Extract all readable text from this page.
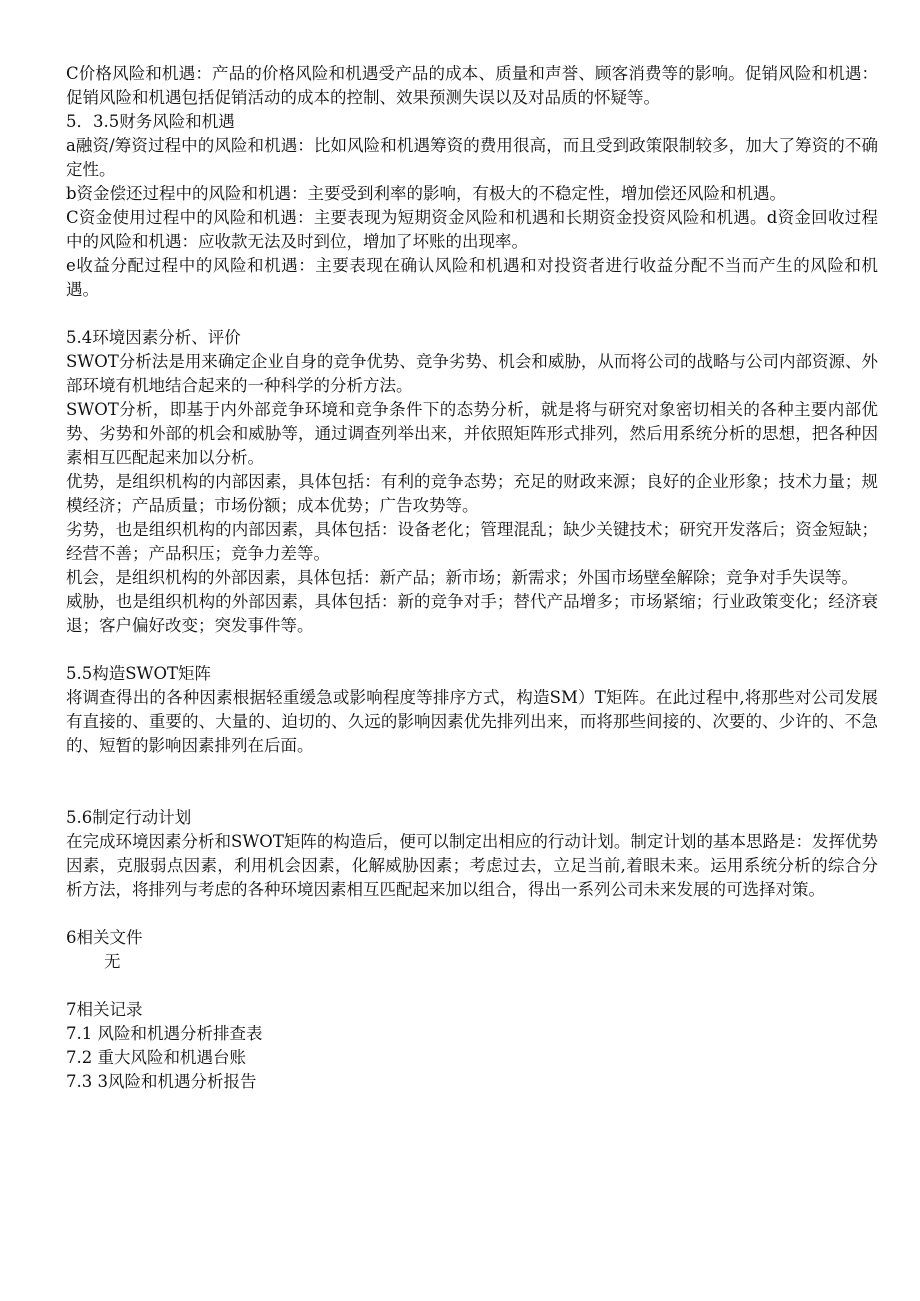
C价格风险和机遇：产品的价格风险和机遇受产品的成本、质量和声誉、顾客消费等的影响。促销风险和机遇：促销风险和机遇包括促销活动的成本的控制、效果预测失误以及对品质的怀疑等。

5．3.5财务风险和机遇

a融资/筹资过程中的风险和机遇：比如风险和机遇筹资的费用很高，而且受到政策限制较多，加大了筹资的不确定性。

b资金偿还过程中的风险和机遇：主要受到利率的影响，有极大的不稳定性，增加偿还风险和机遇。

C资金使用过程中的风险和机遇：主要表现为短期资金风险和机遇和长期资金投资风险和机遇。d资金回收过程中的风险和机遇：应收款无法及时到位，增加了坏账的出现率。

e收益分配过程中的风险和机遇：主要表现在确认风险和机遇和对投资者进行收益分配不当而产生的风险和机遇。

5.4环境因素分析、评价

SWOT分析法是用来确定企业自身的竞争优势、竞争劣势、机会和威胁，从而将公司的战略与公司内部资源、外部环境有机地结合起来的一种科学的分析方法。

SWOT分析，即基于内外部竞争环境和竞争条件下的态势分析，就是将与研究对象密切相关的各种主要内部优势、劣势和外部的机会和威胁等，通过调查列举出来，并依照矩阵形式排列，然后用系统分析的思想，把各种因素相互匹配起来加以分析。

优势，是组织机构的内部因素，具体包括：有利的竞争态势；充足的财政来源；良好的企业形象；技术力量；规模经济；产品质量；市场份额；成本优势；广告攻势等。

劣势，也是组织机构的内部因素，具体包括：设备老化；管理混乱；缺少关键技术；研究开发落后；资金短缺；经营不善；产品积压；竞争力差等。

机会，是组织机构的外部因素，具体包括：新产品；新市场；新需求；外国市场壁垒解除；竞争对手失误等。

威胁，也是组织机构的外部因素，具体包括：新的竞争对手；替代产品增多；市场紧缩；行业政策变化；经济衰退；客户偏好改变；突发事件等。

5.5构造SWOT矩阵

将调查得出的各种因素根据轻重缓急或影响程度等排序方式，构造SM）T矩阵。在此过程中,将那些对公司发展有直接的、重要的、大量的、迫切的、久远的影响因素优先排列出来，而将那些间接的、次要的、少许的、不急的、短暂的影响因素排列在后面。

5.6制定行动计划

在完成环境因素分析和SWOT矩阵的构造后，便可以制定出相应的行动计划。制定计划的基本思路是：发挥优势因素，克服弱点因素，利用机会因素，化解威胁因素；考虑过去，立足当前,着眼未来。运用系统分析的综合分析方法，将排列与考虑的各种环境因素相互匹配起来加以组合，得出一系列公司未来发展的可选择对策。

6相关文件

无

7相关记录

7.1 风险和机遇分析排查表

7.2 重大风险和机遇台账

7.3 3风险和机遇分析报告
